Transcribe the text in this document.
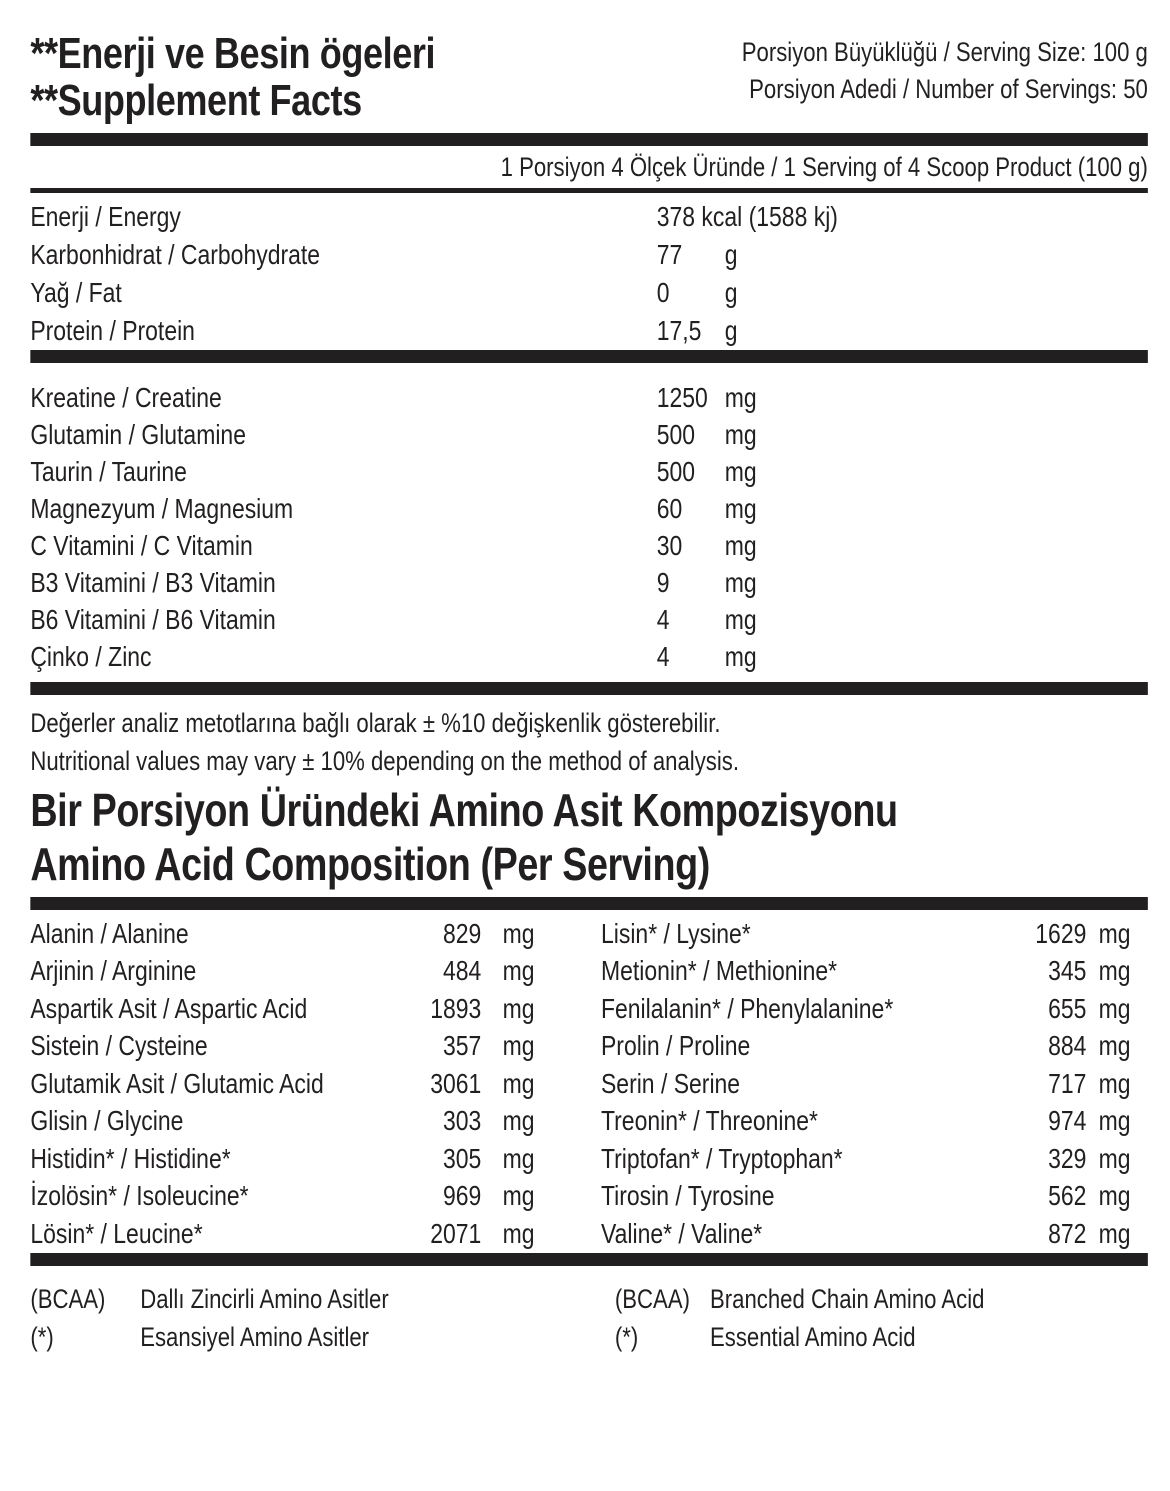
**Enerji ve Besin ögeleri
**Supplement Facts
Porsiyon Büyüklüğü / Serving Size: 100 g
Porsiyon Adedi / Number of Servings: 50
1 Porsiyon 4 Ölçek Üründe / 1 Serving of 4 Scoop Product (100 g)
Enerji / Energy	378 kcal (1588 kj)
Karbonhidrat / Carbohydrate	77	g
Yağ / Fat	0	g
Protein / Protein	17,5 g
Kreatine / Creatine	1250 mg
Glutamin / Glutamine	500	mg
Taurin / Taurine	500	mg
Magnezyum / Magnesium	60	mg
C Vitamini / C Vitamin	30	mg
B3 Vitamini / B3 Vitamin	9	mg
B6 Vitamini / B6 Vitamin	4	mg
Çinko / Zinc	4	mg
Değerler analiz metotlarına bağlı olarak ± %10 değişkenlik gösterebilir.
Nutritional values may vary ± 10% depending on the method of analysis.
Bir Porsiyon Üründeki Amino Asit Kompozisyonu
Amino Acid Composition (Per Serving)
Alanin / Alanine	829 mg
Arjinin / Arginine	484 mg
Aspartik Asit / Aspartic Acid	1893 mg
Sistein / Cysteine	357 mg
Glutamik Asit / Glutamic Acid	3061 mg
Glisin / Glycine	303 mg
Histidin* / Histidine*	305 mg
İzolösin* / Isoleucine*	969 mg
Lösin* / Leucine*	2071 mg
Lisin* / Lysine*	1629 mg
Metionin* / Methionine*	345 mg
Fenilalanin* / Phenylalanine*	655 mg
Prolin / Proline	884 mg
Serin / Serine	717 mg
Treonin* / Threonine*	974 mg
Triptofan* / Tryptophan*	329 mg
Tirosin / Tyrosine	562 mg
Valine* / Valine*	872 mg
(BCAA)	Dallı Zincirli Amino Asitler	(BCAA) Branched Chain Amino Acid
(*)	Esansiyel Amino Asitler	(*)	Essential Amino Acid
